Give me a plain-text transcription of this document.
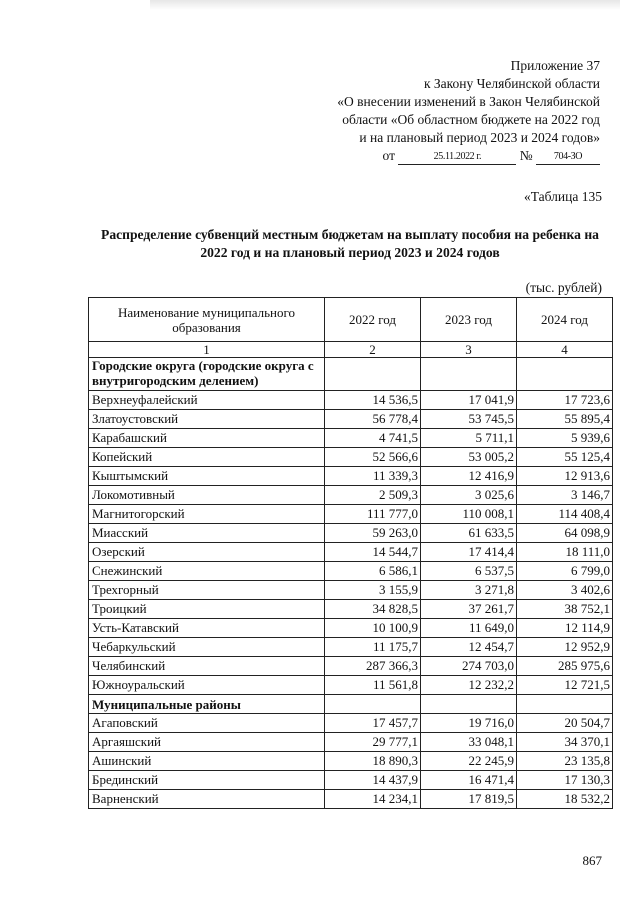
Приложение 37
к Закону Челябинской области
«О внесении изменений в Закон Челябинской
области «Об областном бюджете на 2022 год
и на плановый период 2023 и 2024 годов»
от	25.11.2022 г.	№ 704-ЗО
«Таблица 135
Распределение субвенций местным бюджетам на выплату пособия на ребенка на 2022 год и на плановый период 2023 и 2024 годов
(тыс. рублей)
Наименование муниципального образования	2022 год	2023 год	2024 год
1	2	3	4
Городские округа (городские округа с внутригородским делением)			
Верхнеуфалейский	14 536,5	17 041,9	17 723,6
Златоустовский	56 778,4	53 745,5	55 895,4
Карабашский	4 741,5	5 711,1	5 939,6
Копейский	52 566,6	53 005,2	55 125,4
Кыштымский	11 339,3	12 416,9	12 913,6
Локомотивный	2 509,3	3 025,6	3 146,7
Магнитогорский	111 777,0	110 008,1	114 408,4
Миасский	59 263,0	61 633,5	64 098,9
Озерский	14 544,7	17 414,4	18 111,0
Снежинский	6 586,1	6 537,5	6 799,0
Трехгорный	3 155,9	3 271,8	3 402,6
Троицкий	34 828,5	37 261,7	38 752,1
Усть-Катавский	10 100,9	11 649,0	12 114,9
Чебаркульский	11 175,7	12 454,7	12 952,9
Челябинский	287 366,3	274 703,0	285 975,6
Южноуральский	11 561,8	12 232,2	12 721,5
Муниципальные районы			
Агаповский	17 457,7	19 716,0	20 504,7
Аргаяшский	29 777,1	33 048,1	34 370,1
Ашинский	18 890,3	22 245,9	23 135,8
Брединский	14 437,9	16 471,4	17 130,3
Варненский	14 234,1	17 819,5	18 532,2
867
